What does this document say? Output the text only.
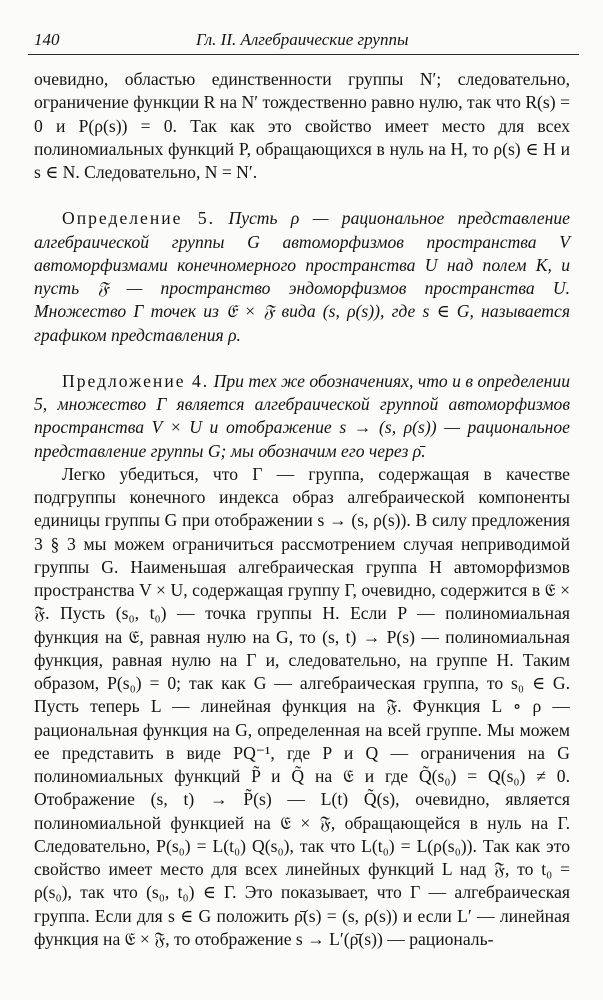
140	Гл. II. Алгебраические группы

очевидно, областью единственности группы N′; следовательно, ограничение функции R на N′ тождественно равно нулю, так что R(s) = 0 и P(ρ(s)) = 0. Так как это свойство имеет место для всех полиномиальных функций P, обращающихся в нуль на H, то ρ(s) ∈ H и s ∈ N. Следовательно, N = N′.

Определение 5. Пусть ρ — рациональное представление алгебраической группы G автоморфизмов пространства V автоморфизмами конечномерного пространства U над полем K, и пусть 𝔉 — пространство эндоморфизмов пространства U. Множество Γ точек из 𝔈 × 𝔉 вида (s, ρ(s)), где s ∈ G, называется графиком представления ρ.

Предложение 4. При тех же обозначениях, что и в определении 5, множество Γ является алгебраической группой автоморфизмов пространства V × U и отображение s → (s, ρ(s)) — рациональное представление группы G; мы обозначим его через ρ̄.

Легко убедиться, что Γ — группа, содержащая в качестве подгруппы конечного индекса образ алгебраической компоненты единицы группы G при отображении s → (s, ρ(s)). В силу предложения 3 § 3 мы можем ограничиться рассмотрением случая неприводимой группы G. Наименьшая алгебраическая группа H автоморфизмов пространства V × U, содержащая группу Γ, очевидно, содержится в 𝔈 × 𝔉. Пусть (s₀, t₀) — точка группы H. Если P — полиномиальная функция на 𝔈, равная нулю на G, то (s, t) → P(s) — полиномиальная функция, равная нулю на Γ и, следовательно, на группе H. Таким образом, P(s₀) = 0; так как G — алгебраическая группа, то s₀ ∈ G. Пусть теперь L — линейная функция на 𝔉. Функция L ∘ ρ — рациональная функция на G, определенная на всей группе. Мы можем ее представить в виде PQ⁻¹, где P и Q — ограничения на G полиномиальных функций P̃ и Q̃ на 𝔈 и где Q̃(s₀) = Q(s₀) ≠ 0. Отображение (s, t) → P̃(s) — L(t) Q̃(s), очевидно, является полиномиальной функцией на 𝔈 × 𝔉, обращающейся в нуль на Γ. Следовательно, P(s₀) = L(t₀) Q(s₀), так что L(t₀) = L(ρ(s₀)). Так как это свойство имеет место для всех линейных функций L над 𝔉, то t₀ = ρ(s₀), так что (s₀, t₀) ∈ Γ. Это показывает, что Γ — алгебраическая группа. Если для s ∈ G положить ρ̄(s) = (s, ρ(s)) и если L′ — линейная функция на 𝔈 × 𝔉, то отображение s → L′(ρ̄(s)) — рациональ-
